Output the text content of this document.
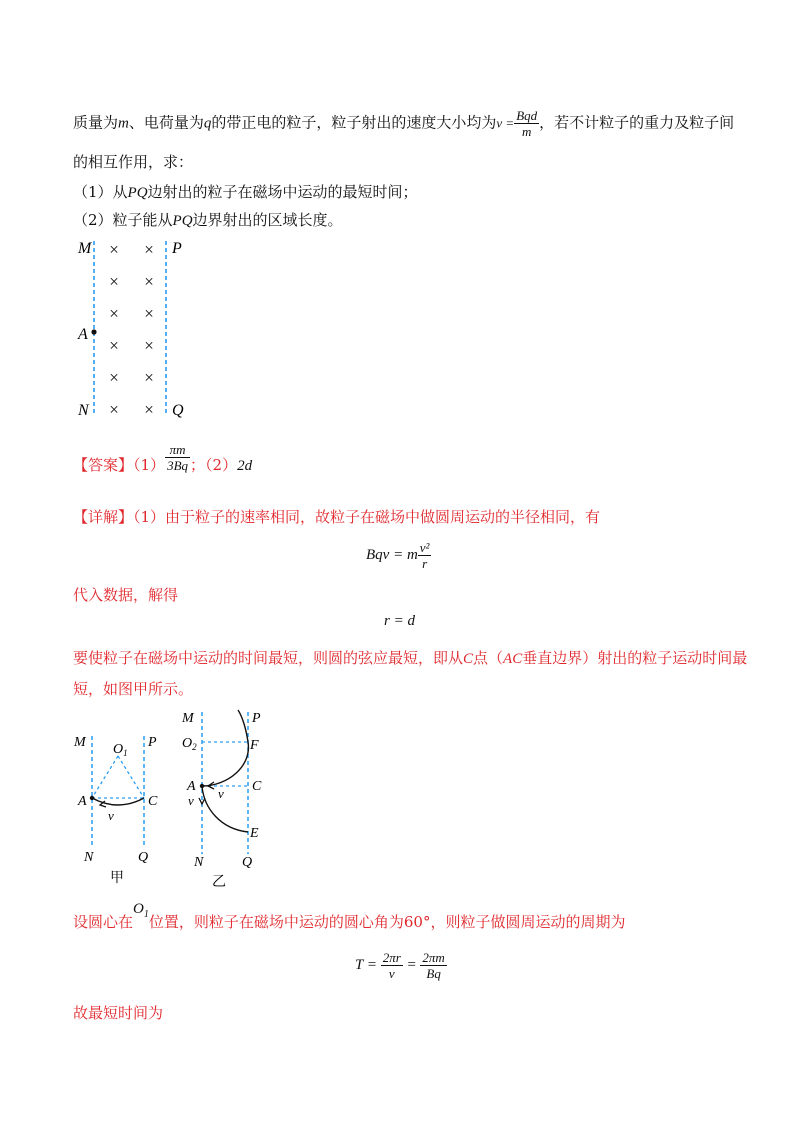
质量为m、电荷量为q的带正电的粒子，粒子射出的速度大小均为$v = \frac{\text{Bqd}}{m}$ ，若不计粒子的重力及粒子间
的相互作用，求：
（1）从PQ边射出的粒子在磁场中运动的最短时间；
（2）粒子能从PQ边界射出的区域长度。
M	P
A
N	Q
× ×
× ×
× ×
× ×
× ×
× ×
【答案】$(1) \frac{\pi m}{3Bq}$ ；（2）2d
【详解】（1）由于粒子的速率相同，故粒子在磁场中做圆周运动的半径相同，有
Bqv = m $\frac{\text{v²}}{r}$
代入数据，解得
r = d
要使粒子在磁场中运动的时间最短，则圆的弦应最短，即从C点（AC垂直边界）射出的粒子运动时间最
短，如图甲所示。
M	P
$O_1$
A	C
v
N	Q
甲
M	P
$O_2$	F
A	C
v
v
E
N	Q
乙
设圆心在$O_1$位置，则粒子在磁场中运动的圆心角为60°，则粒子做圆周运动的周期为
$T = \frac{2\pi r}{v} = \frac{2\pi m}{Bq}$
故最短时间为
